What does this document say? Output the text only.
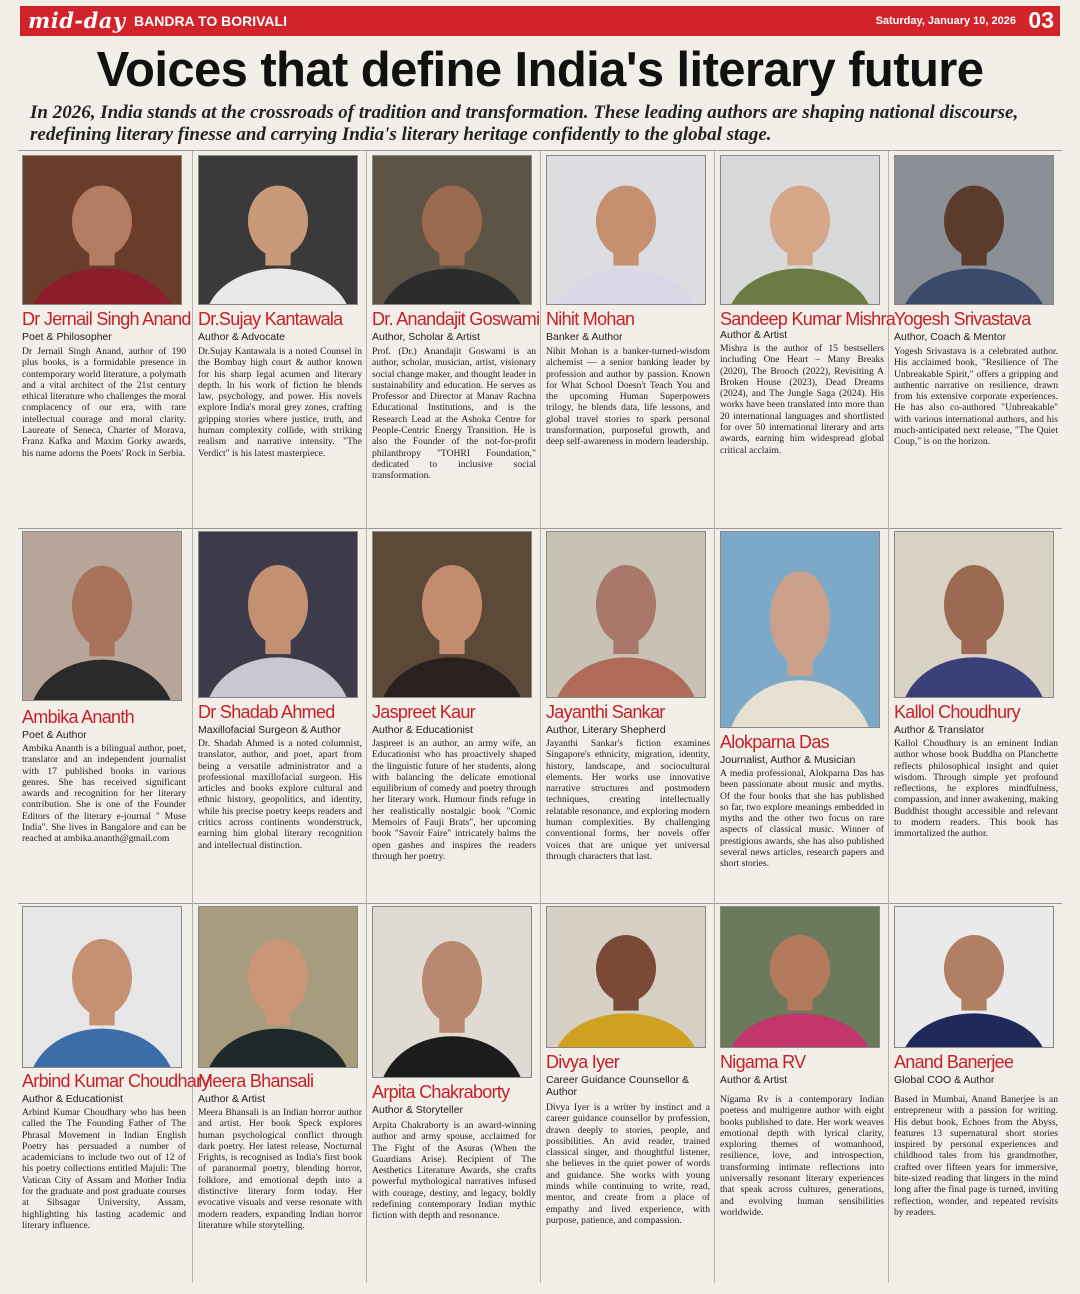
mid-day BANDRA TO BORIVALI	Saturday, January 10, 2026 03
Voices that define India's literary future
In 2026, India stands at the crossroads of tradition and transformation. These leading authors are shaping national discourse, redefining literary finesse and carrying India's literary heritage confidently to the global stage.
Dr Jernail Singh Anand
Poet & Philosopher
Dr Jernail Singh Anand, author of 190 plus books, is a formidable presence in contemporary world literature, a polymath and a vital architect of the 21st century ethical literature who challenges the moral complacency of our era, with rare intellectual courage and moral clarity. Laureate of Seneca, Charter of Morava, Franz Kafka and Maxim Gorky awards, his name adorns the Poets' Rock in Serbia.
Dr.Sujay Kantawala
Author & Advocate
Dr.Sujay Kantawala is a noted Counsel in the Bombay high court & author known for his sharp legal acumen and literary depth. In his work of fiction he blends law, psychology, and power. His novels explore India's moral grey zones, crafting gripping stories where justice, truth, and human complexity collide, with striking realism and narrative intensity. "The Verdict" is his latest masterpiece.
Dr. Anandajit Goswami
Author, Scholar & Artist
Prof. (Dr.) Anandajit Goswami is an author, scholar, musician, artist, visionary social change maker, and thought leader in sustainability and education. He serves as Professor and Director at Manav Rachna Educational Institutions, and is the Research Lead at the Ashoka Centre for People-Centric Energy Transition. He is also the Founder of the not-for-profit philanthropy "TOHRI Foundation," dedicated to inclusive social transformation.
Nihit Mohan
Banker & Author
Nihit Mohan is a banker-turned-wisdom alchemist — a senior banking leader by profession and author by passion. Known for What School Doesn't Teach You and the upcoming Human Superpowers trilogy, he blends data, life lessons, and global travel stories to spark personal transformation, purposeful growth, and deep self-awareness in modern leadership.
Sandeep Kumar Mishra
Author & Artist
Mishra is the author of 15 bestsellers including One Heart – Many Breaks (2020), The Brooch (2022), Revisiting A Broken House (2023), Dead Dreams (2024), and The Jungle Saga (2024). His works have been translated into more than 20 international languages and shortlisted for over 50 international literary and arts awards, earning him widespread global critical acclaim.
Yogesh Srivastava
Author, Coach & Mentor
Yogesh Srivastava is a celebrated author. His acclaimed book, "Resilience of The Unbreakable Spirit," offers a gripping and authentic narrative on resilience, drawn from his extensive corporate experiences. He has also co-authored "Unbreakable" with various international authors, and his much-anticipated next release, "The Quiet Coup," is on the horizon.
Ambika Ananth
Poet & Author
Ambika Ananth is a bilingual author, poet, translator and an independent journalist with 17 published books in various genres. She has received significant awards and recognition for her literary contribution. She is one of the Founder Editors of the literary e-journal " Muse India". She lives in Bangalore and can be reached at ambika.ananth@gmail.com
Dr Shadab Ahmed
Maxillofacial Surgeon & Author
Dr. Shadab Ahmed is a noted columnist, translator, author, and poet, apart from being a versatile administrator and a professional maxillofacial surgeon. His articles and books explore cultural and ethnic history, geopolitics, and identity, while his precise poetry keeps readers and critics across continents wonderstruck, earning him global literary recognition and intellectual distinction.
Jaspreet Kaur
Author & Educationist
Jaspreet is an author, an army wife, an Educationist who has proactively shaped the linguistic future of her students, along with balancing the delicate emotional equilibrium of comedy and poetry through her literary work. Humour finds refuge in her realistically nostalgic book "Comic Memoirs of Fauji Brats", her upcoming book "Savoir Faire" intricately balms the open gashes and inspires the readers through her poetry.
Jayanthi Sankar
Author, Literary Shepherd
Jayanthi Sankar's fiction examines Singapore's ethnicity, migration, identity, history, landscape, and sociocultural elements. Her works use innovative narrative structures and postmodern techniques, creating intellectually relatable resonance, and exploring modern human complexities. By challenging conventional forms, her novels offer voices that are unique yet universal through characters that last.
Alokparna Das
Journalist, Author & Musician
A media professional, Alokparna Das has been passionate about music and myths. Of the four books that she has published so far, two explore meanings embedded in myths and the other two focus on rare aspects of classical music. Winner of prestigious awards, she has also published several news articles, research papers and short stories.
Kallol Choudhury
Author & Translator
Kallol Choudhury is an eminent Indian author whose book Buddha on Planchette reflects philosophical insight and quiet wisdom. Through simple yet profound reflections, he explores mindfulness, compassion, and inner awakening, making Buddhist thought accessible and relevant to modern readers. This book has immortalized the author.
Arbind Kumar Choudhary
Author & Educationist
Arbind Kumar Choudhary who has been called the The Founding Father of The Phrasal Movement in Indian English Poetry has persuaded a number of academicians to include two out of 12 of his poetry collections entitled Majuli: The Vatican City of Assam and Mother India for the graduate and post graduate courses at Sibsagar University, Assam, highlighting his lasting academic and literary influence.
Meera Bhansali
Author & Artist
Meera Bhansali is an Indian horror author and artist. Her book Speck explores human psychological conflict through dark poetry. Her latest release, Nocturnal Frights, is recognised as India's first book of paranormal poetry, blending horror, folklore, and emotional depth into a distinctive literary form today. Her evocative visuals and verse resonate with modern readers, expanding Indian horror literature while storytelling.
Arpita Chakraborty
Author & Storyteller
Arpita Chakraborty is an award-winning author and army spouse, acclaimed for The Fight of the Asuras (When the Guardians Arise). Recipient of The Aesthetics Literature Awards, she crafts powerful mythological narratives infused with courage, destiny, and legacy, boldly redefining contemporary Indian mythic fiction with depth and resonance.
Divya Iyer
Career Guidance Counsellor & Author
Divya Iyer is a writer by instinct and a career guidance counsellor by profession, drawn deeply to stories, people, and possibilities. An avid reader, trained classical singer, and thoughtful listener, she believes in the quiet power of words and guidance. She works with young minds while continuing to write, read, mentor, and create from a place of empathy and lived experience, with purpose, patience, and compassion.
Nigama RV
Author & Artist
Nigama Rv is a contemporary Indian poetess and multigenre author with eight books published to date. Her work weaves emotional depth with lyrical clarity, exploring themes of womanhood, resilience, love, and introspection, transforming intimate reflections into universally resonant literary experiences that speak across cultures, generations, and evolving human sensibilities worldwide.
Anand Banerjee
Global COO & Author
Based in Mumbai, Anand Banerjee is an entrepreneur with a passion for writing. His debut book, Echoes from the Abyss, features 13 supernatural short stories inspired by personal experiences and childhood tales from his grandmother, crafted over fifteen years for immersive, bite-sized reading that lingers in the mind long after the final page is turned, inviting reflection, wonder, and repeated revisits by readers.
